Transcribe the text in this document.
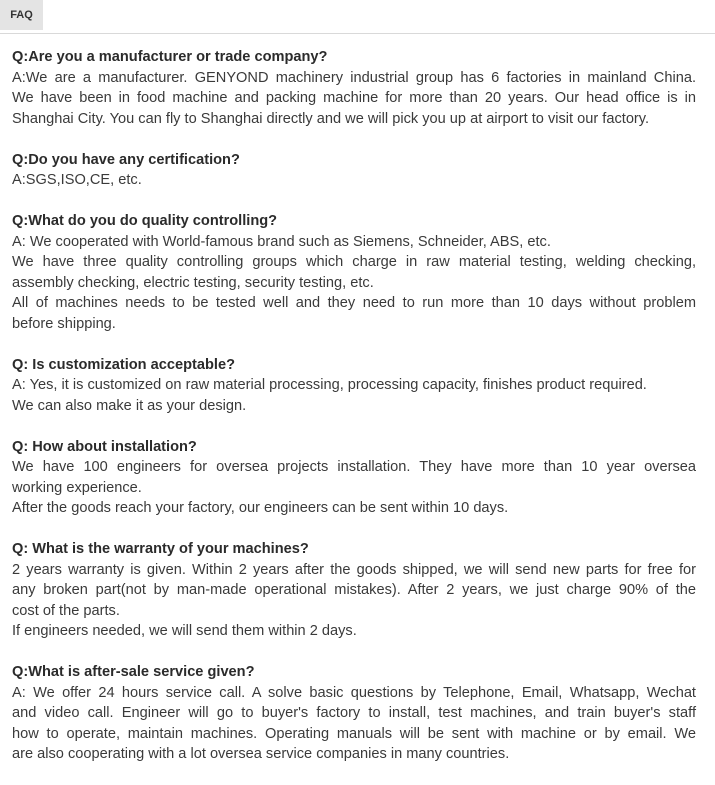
FAQ
Q:Are you a manufacturer or trade company?
A:We are a manufacturer. GENYOND machinery industrial group has 6 factories in mainland China.
We have been in food machine and packing machine for more than 20 years. Our head office is in
Shanghai City. You can fly to Shanghai directly and we will pick you up at airport to visit our factory.
Q:Do you have any certification?
A:SGS,ISO,CE, etc.
Q:What do you do quality controlling?
A: We cooperated with World-famous brand such as Siemens, Schneider, ABS, etc.
We have three quality controlling groups which charge in raw material testing, welding checking,
assembly checking, electric testing, security testing, etc.
All of machines needs to be tested well and they need to run more than 10 days without problem
before shipping.
Q: Is customization acceptable?
A: Yes, it is customized on raw material processing, processing capacity, finishes product required.
We can also make it as your design.
Q: How about installation?
We have 100 engineers for oversea projects installation. They have more than 10 year oversea
working experience.
After the goods reach your factory, our engineers can be sent within 10 days.
Q: What is the warranty of your machines?
2 years warranty is given. Within 2 years after the goods shipped, we will send new parts for free for
any broken part(not by man-made operational mistakes). After 2 years, we just charge 90% of the
cost of the parts.
If engineers needed, we will send them within 2 days.
Q:What is after-sale service given?
A: We offer 24 hours service call. A solve basic questions by Telephone, Email, Whatsapp, Wechat
and video call. Engineer will go to buyer's factory to install, test machines, and train buyer's staff
how to operate, maintain machines. Operating manuals will be sent with machine or by email. We
are also cooperating with a lot oversea service companies in many countries.
